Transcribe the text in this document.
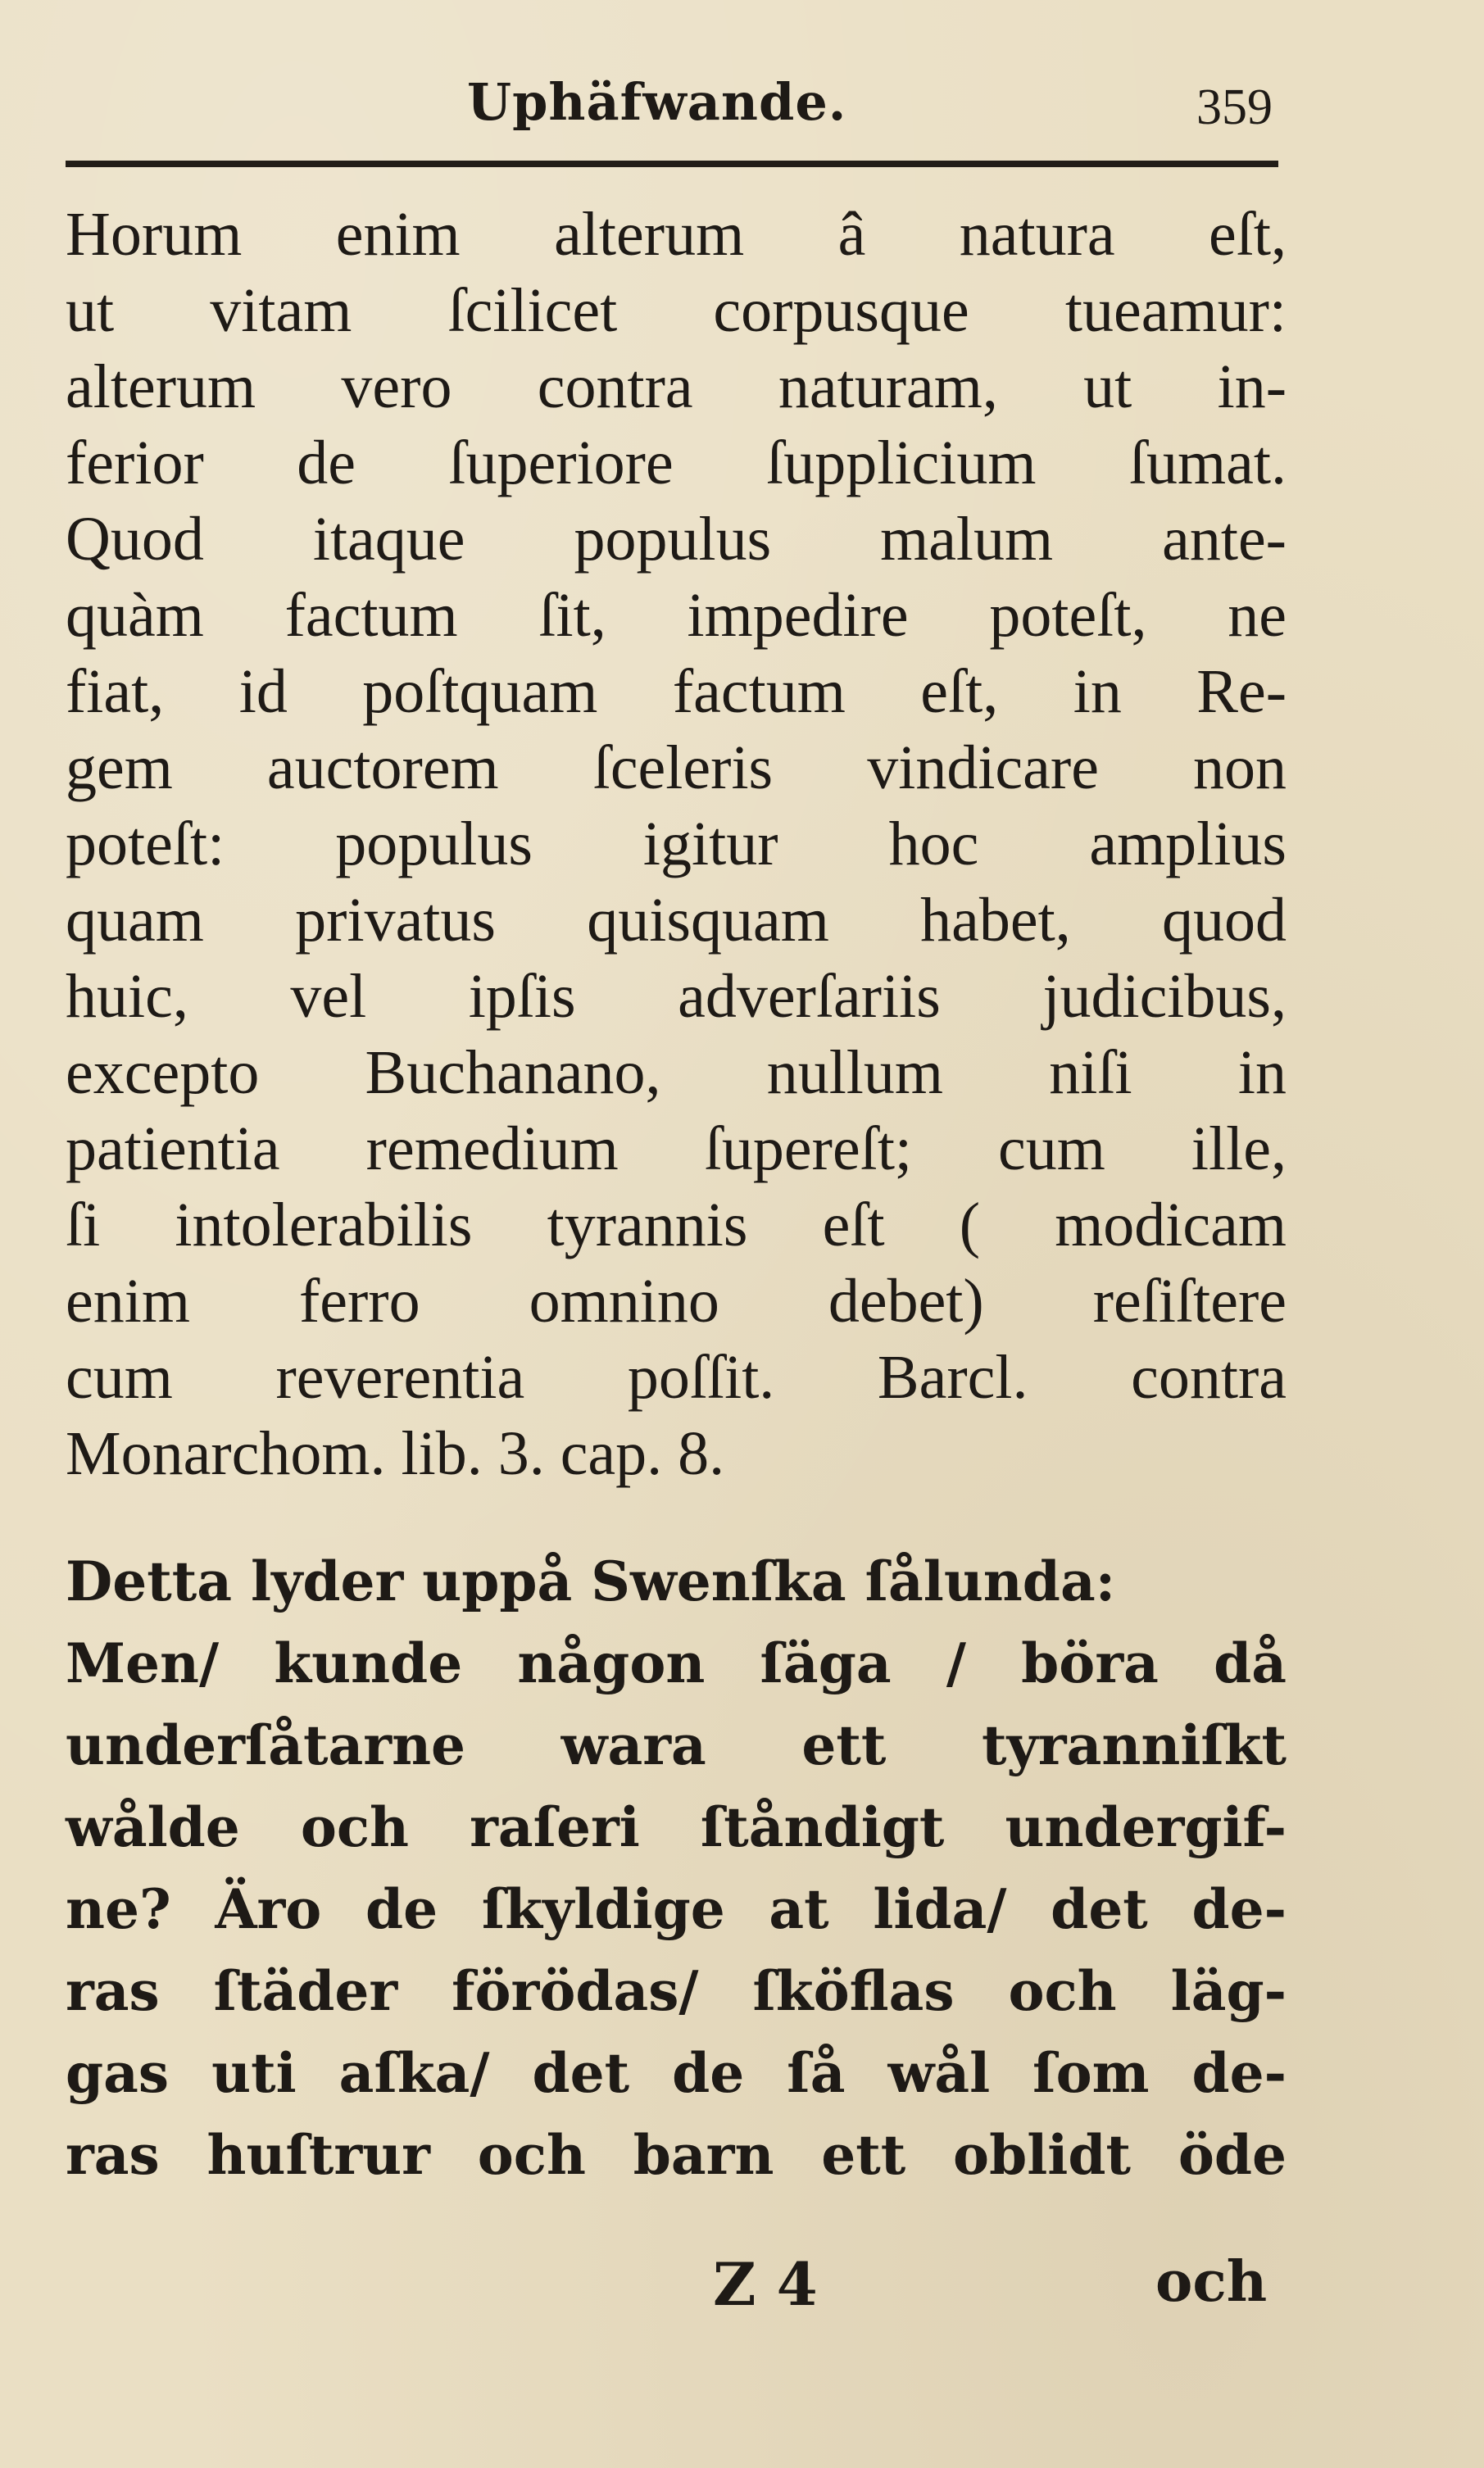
Uphäfwande.	359
Horum enim alterum â natura eſt,
ut vitam ſcilicet corpusque tueamur:
alterum vero contra naturam, ut in-
ferior de ſuperiore ſupplicium ſumat.
Quod itaque populus malum ante-
quàm factum ſit, impedire poteſt, ne
fiat, id poſtquam factum eſt, in Re-
gem auctorem ſceleris vindicare non
poteſt: populus igitur hoc amplius
quam privatus quisquam habet, quod
huic, vel ipſis adverſariis judicibus,
excepto Buchanano, nullum niſi in
patientia remedium ſupereſt; cum ille,
ſi intolerabilis tyrannis eſt ( modicam
enim ferro omnino debet) reſiſtere
cum reverentia poſſit. Barcl. contra
Monarchom. lib. 3. cap. 8.
Detta lyder uppå Swenſka ſålunda:
Men/ kunde någon ſäga / böra då
underſåtarne wara ett tyranniſkt
wålde och raſeri ſtåndigt undergif-
ne? Äro de ſkyldige at lida/ det de-
ras ſtäder förödas/ ſköflas och läg-
gas uti aſka/ det de ſå wål ſom de-
ras huſtrur och barn ett oblidt öde
Z 4	och
